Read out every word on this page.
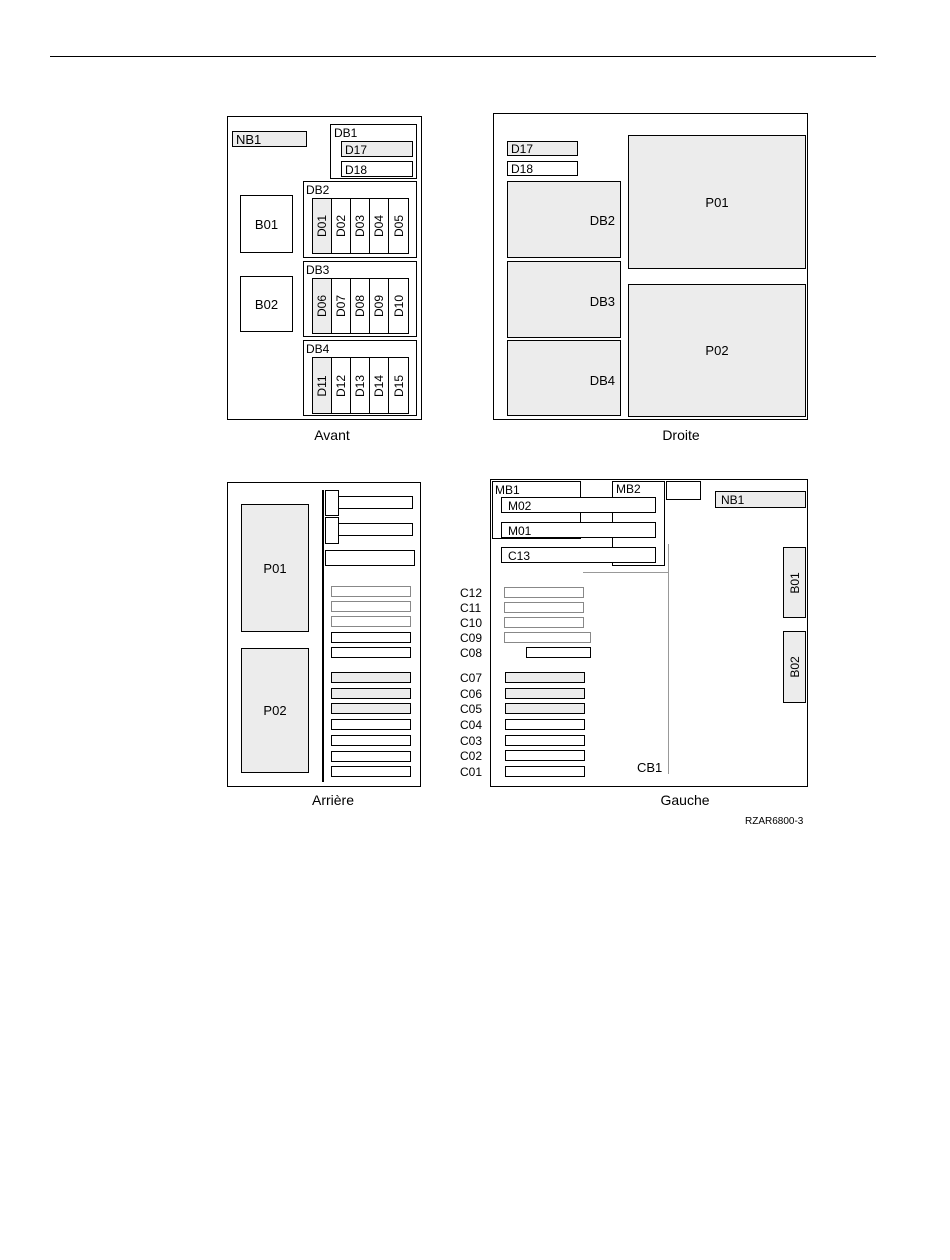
NB1	DB1
D17
D18
B01
B02
DB2
D01 D02 D03 D04 D05
DB3
D06 D07 D08 D09 D10
DB4
D11 D12 D13 D14 D15
Avant
D17
D18
DB2
DB3
DB4
P01
P02
Droite
P01
P02
Arrière
MB1	MB2
M02
M01
C13
NB1
B01
B02
C12
C11
C10
C09
C08
C07
C06
C05
C04
C03
C02
C01	CB1
Gauche
RZAR6800-3
